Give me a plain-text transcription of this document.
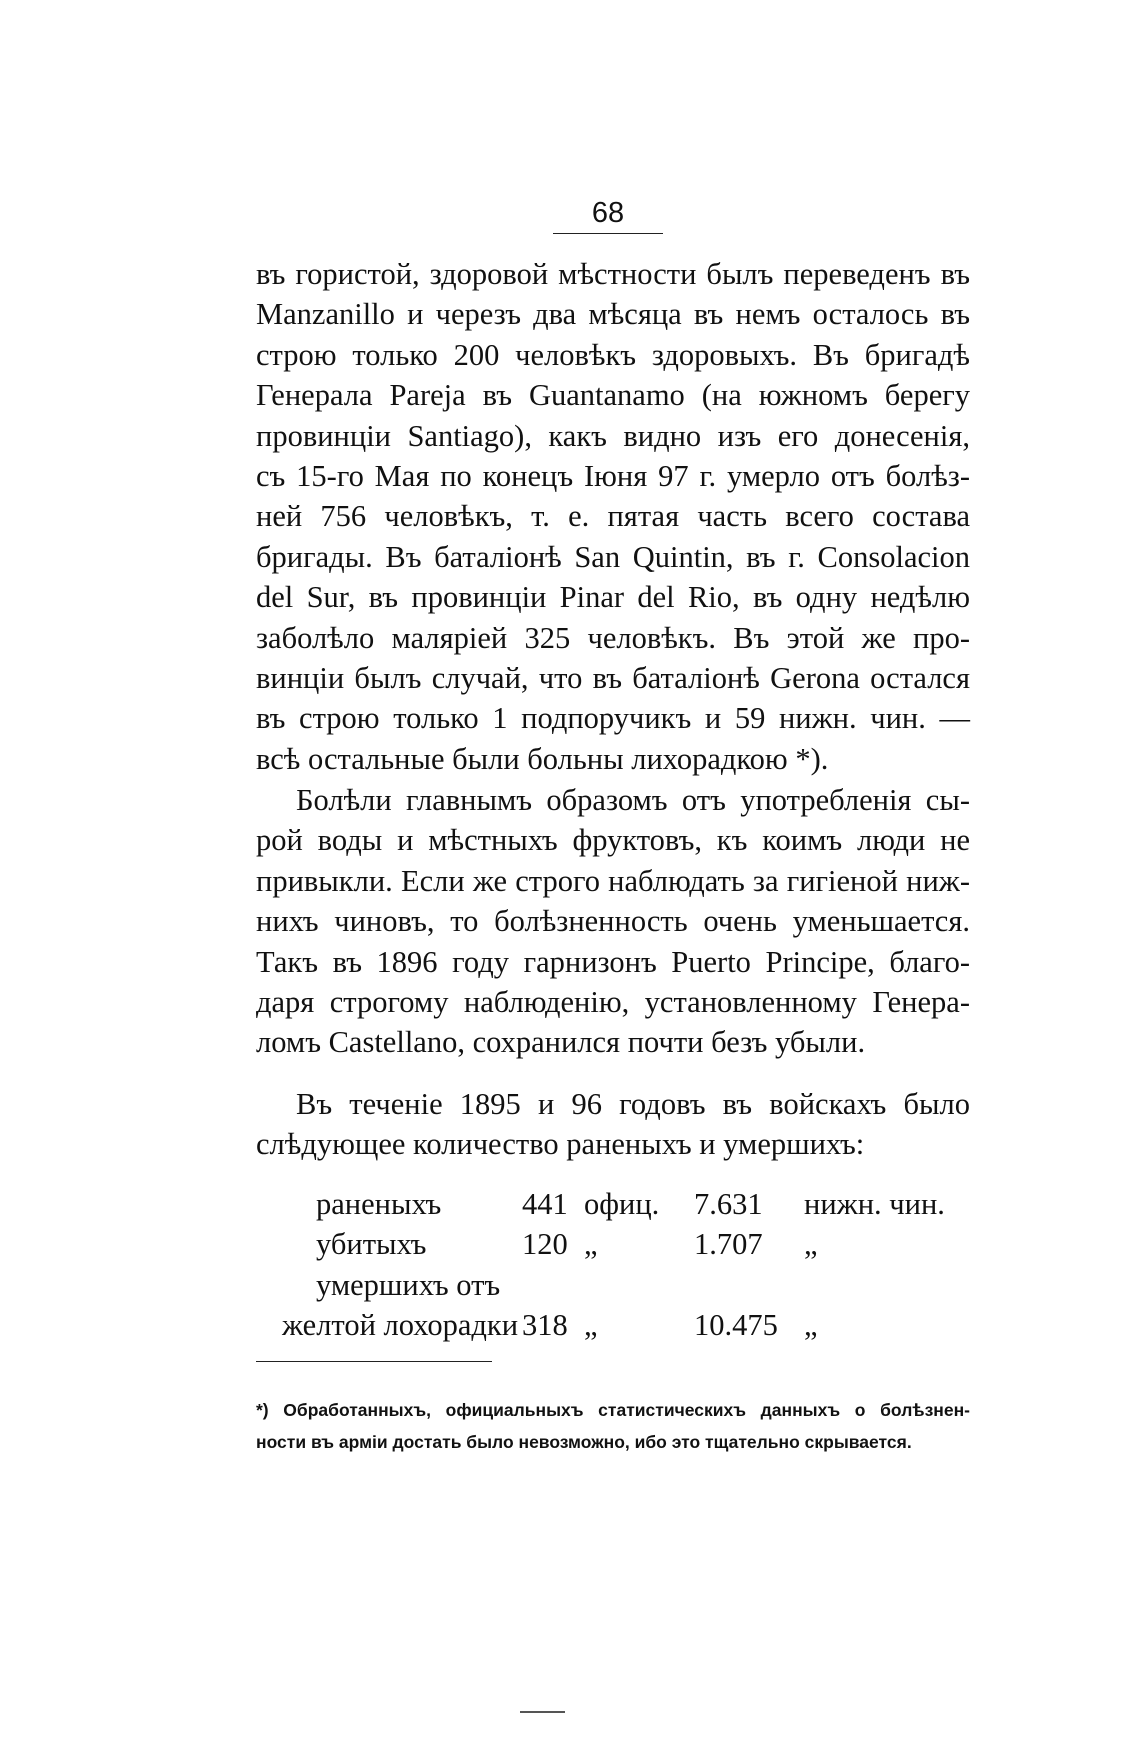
68
въ гористой, здоровой мѣстности былъ переведенъ въ
Manzanillo и черезъ два мѣсяца въ немъ осталось въ
строю только 200 человѣкъ здоровыхъ. Въ бригадѣ
Генерала Pareja въ Guantanamo (на южномъ берегу
провинціи Santiago), какъ видно изъ его донесенія,
съ 15-го Мая по конецъ Іюня 97 г. умерло отъ болѣз-
ней 756 человѣкъ, т. е. пятая часть всего состава
бригады. Въ баталіонѣ San Quintin, въ г. Consolacion
del Sur, въ провинціи Pinar del Rio, въ одну недѣлю
заболѣло маляріей 325 человѣкъ. Въ этой же про-
винціи былъ случай, что въ баталіонѣ Gerona остался
въ строю только 1 подпоручикъ и 59 нижн. чин. —
всѣ остальные были больны лихорадкою *).
Болѣли главнымъ образомъ отъ употребленія сы-
рой воды и мѣстныхъ фруктовъ, къ коимъ люди не
привыкли. Если же строго наблюдать за гигіеной ниж-
нихъ чиновъ, то болѣзненность очень уменьшается.
Такъ въ 1896 году гарнизонъ Puerto Principe, благо-
даря строгому наблюденію, установленному Генера-
ломъ Castellano, сохранился почти безъ убыли.
Въ теченіе 1895 и 96 годовъ въ войскахъ было
слѣдующее количество раненыхъ и умершихъ:
раненыхъ	441 офиц. 7.631 нижн. чин.
убитыхъ	120 „	1.707 „
умершихъ отъ
желтой лохорадки 318 „	10.475 „
*) Обработанныхъ, официальныхъ статистическихъ данныхъ о болѣзнен-
ности въ арміи достать было невозможно, ибо это тщательно скрывается.
